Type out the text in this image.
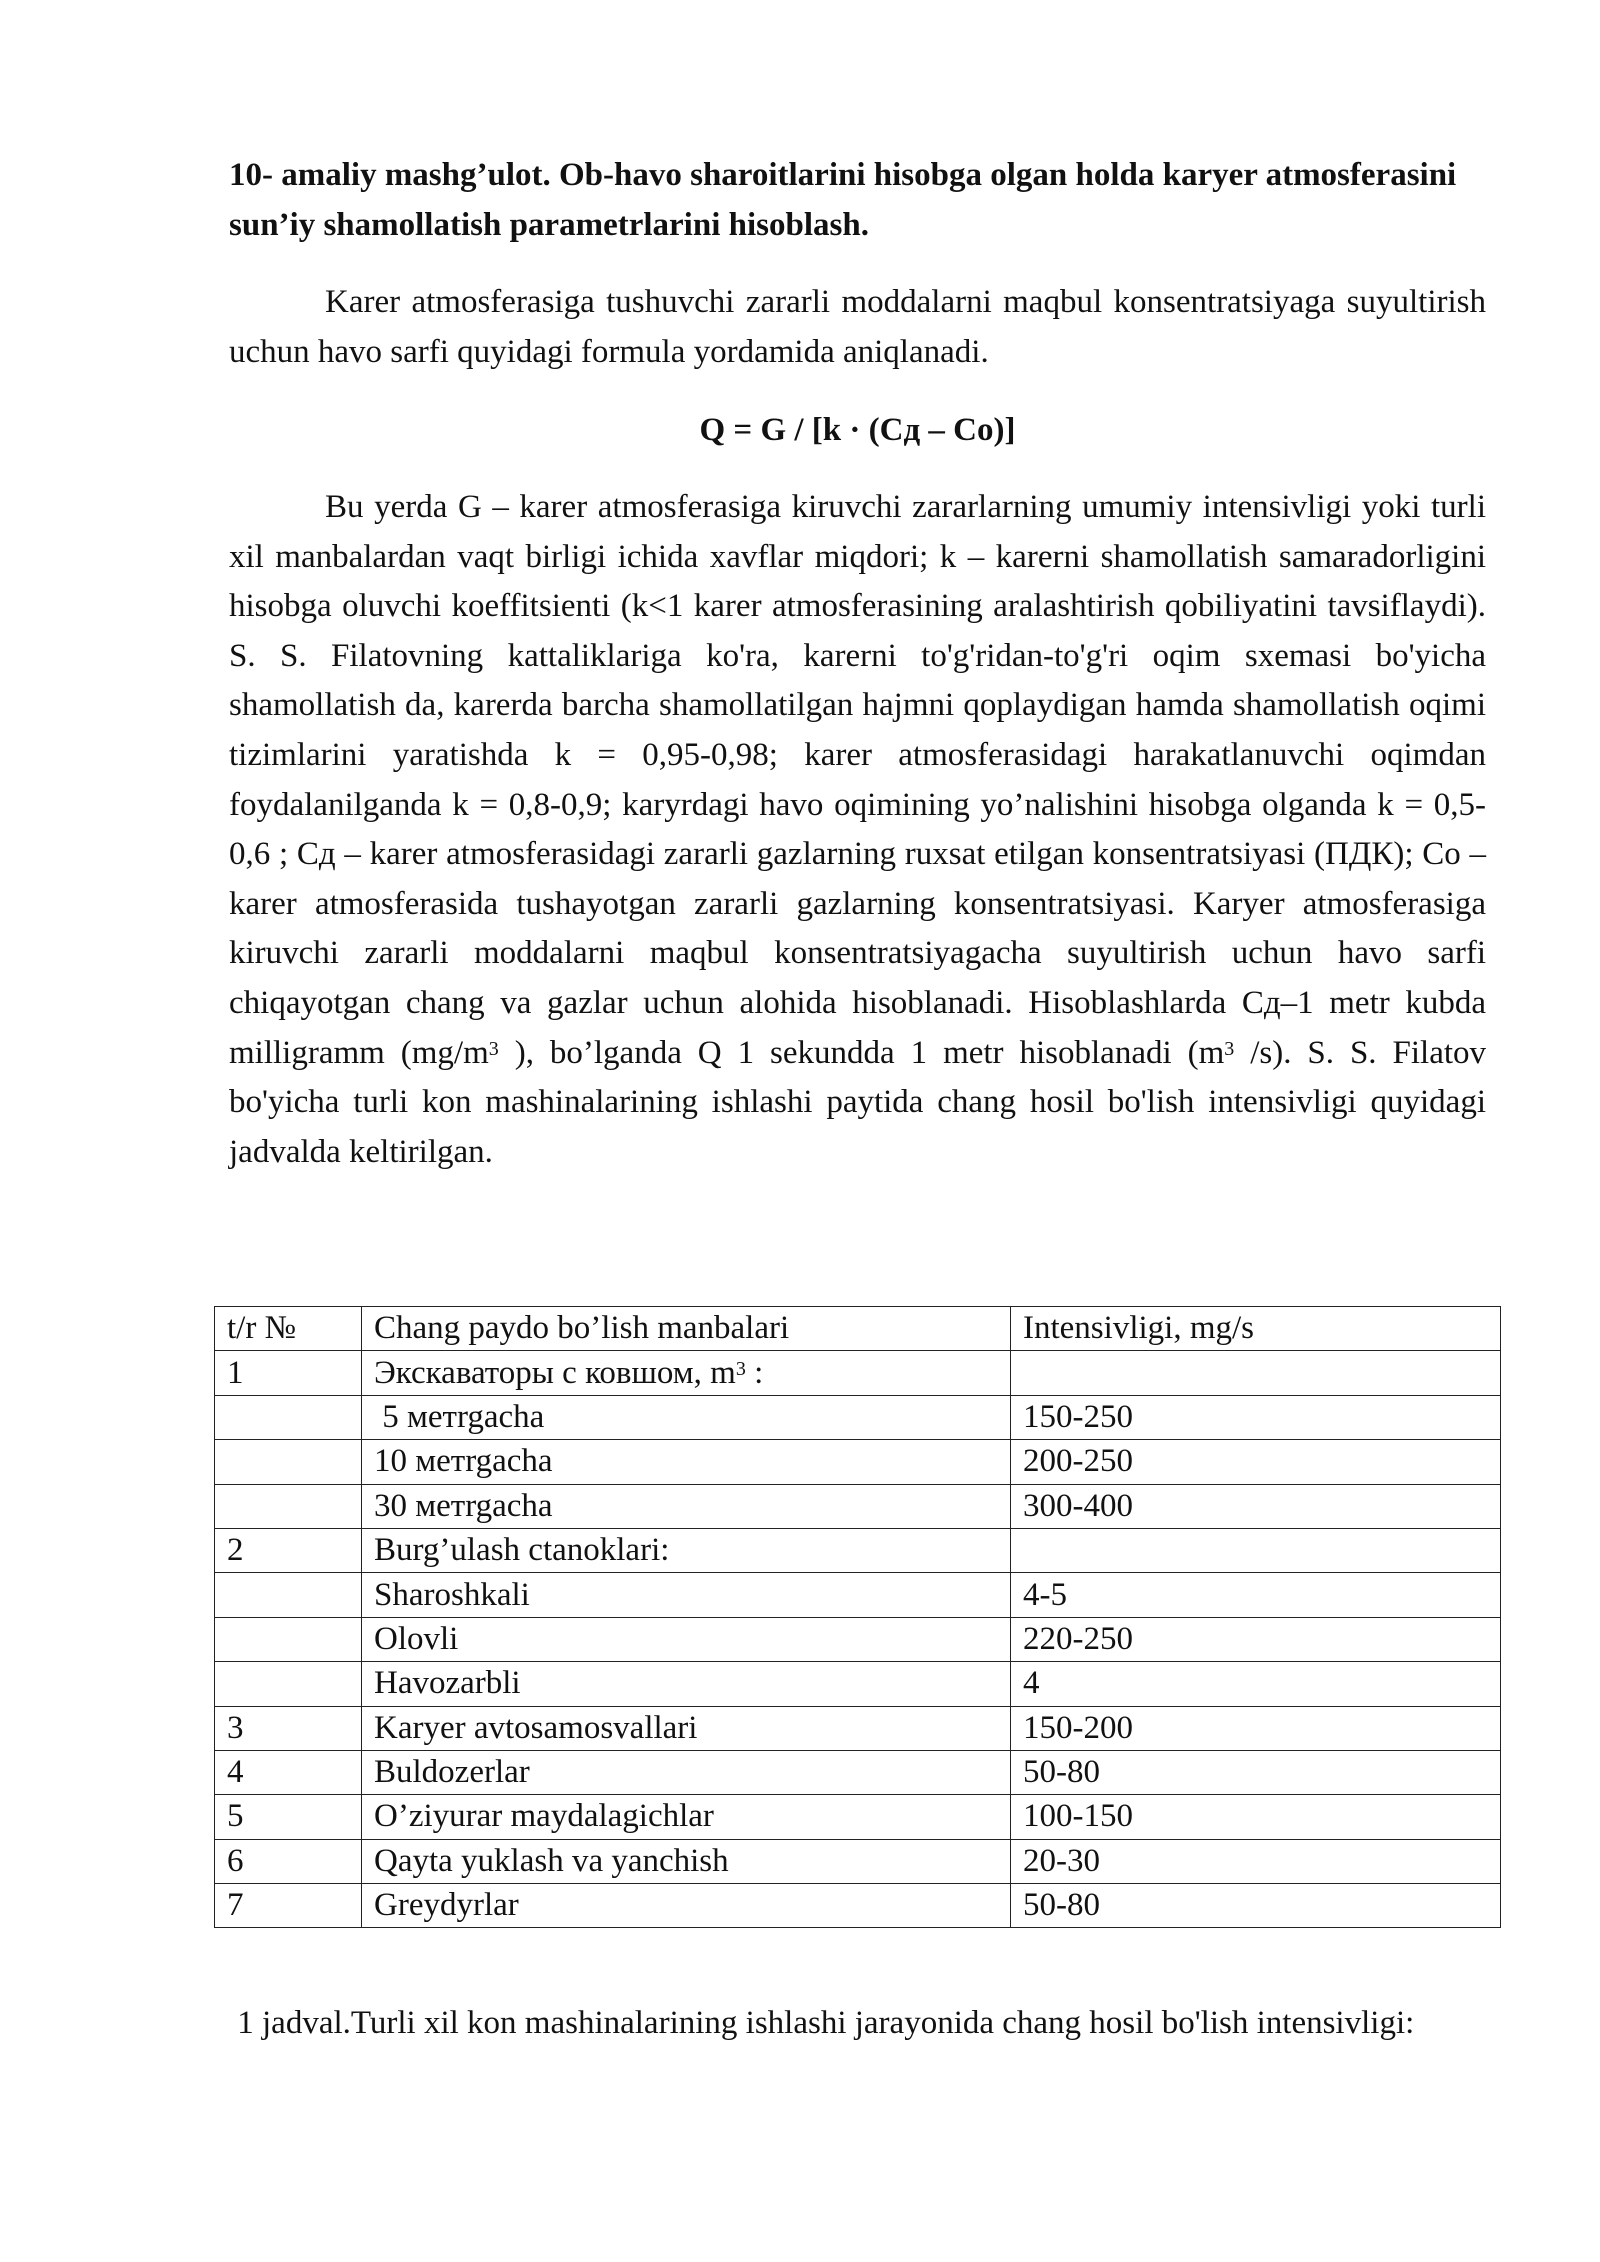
10- amaliy mashg’ulot. Ob-havo sharoitlarini hisobga olgan holda karyer atmosferasini sun’iy shamollatish parametrlarini hisoblash.
Karer atmosferasiga tushuvchi zararli moddalarni maqbul konsentratsiyaga suyultirish uchun havo sarfi quyidagi formula yordamida aniqlanadi.
Q = G / [k · (Сд – Со)]
Bu yerda G – karer atmosferasiga kiruvchi zararlarning umumiy intensivligi yoki turli xil manbalardan vaqt birligi ichida xavflar miqdori; k – karerni shamollatish samaradorligini hisobga oluvchi koeffitsienti (k<1 karer atmosferasining aralashtirish qobiliyatini tavsiflaydi). S. S. Filatovning kattaliklariga ko'ra, karerni to'g'ridan-to'g'ri oqim sxemasi bo'yicha shamollatish da, karerda barcha shamollatilgan hajmni qoplaydigan hamda shamollatish oqimi tizimlarini yaratishda k = 0,95-0,98; karer atmosferasidagi harakatlanuvchi oqimdan foydalanilganda k = 0,8-0,9; karyrdagi havo oqimining yo’nalishini hisobga olganda k = 0,5-0,6 ; Сд – karer atmosferasidagi zararli gazlarning ruxsat etilgan konsentratsiyasi (ПДК); Со – karer atmosferasida tushayotgan zararli gazlarning konsentratsiyasi. Karyer atmosferasiga kiruvchi zararli moddalarni maqbul konsentratsiyagacha suyultirish uchun havo sarfi chiqayotgan chang va gazlar uchun alohida hisoblanadi. Hisoblashlarda Сд–1 metr kubda milligramm ($mg/m^3$ ), bo’lganda Q 1 sekundda 1 metr hisoblanadi ($m^3$ /s). S. S. Filatov bo'yicha turli kon mashinalarining ishlashi paytida chang hosil bo'lish intensivligi quyidagi jadvalda keltirilgan.
t/r №	Chang paydo bo’lish manbalari	Intensivligi, mg/s
1	Экскаваторы с ковшом, $m^3$ :	
	5 метrgacha	150-250
	10 метrgacha	200-250
	30 метrgacha	300-400
2	Burg’ulash ctanoklari:	
	Sharoshkali	4-5
	Olovli	220-250
	Havozarbli	4
3	Karyer avtosamosvallari	150-200
4	Buldozerlar	50-80
5	O’ziyurar maydalagichlar	100-150
6	Qayta yuklash va yanchish	20-30
7	Greydyrlar	50-80
1 jadval.Turli xil kon mashinalarining ishlashi jarayonida chang hosil bo'lish intensivligi:
